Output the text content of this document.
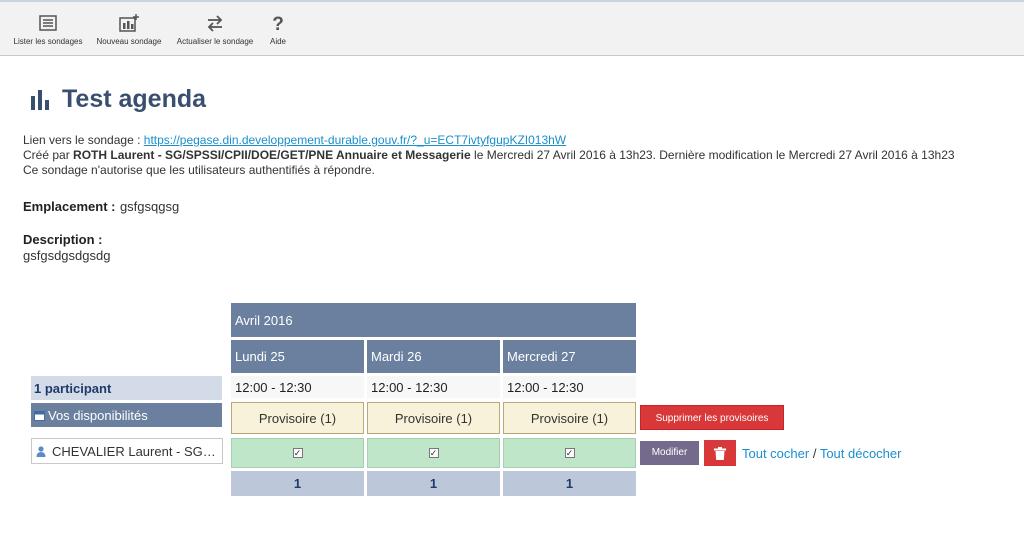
Lister les sondages	Nouveau sondage	Actualiser le sondage
?
Aide
Test agenda
Lien vers le sondage : https://pegase.din.developpement-durable.gouv.fr/?_u=ECT7ivtyfgupKZI013hW
Créé par ROTH Laurent - SG/SPSSI/CPII/DOE/GET/PNE Annuaire et Messagerie le Mercredi 27 Avril 2016 à 13h23. Dernière modification le Mercredi 27 Avril 2016 à 13h23
Ce sondage n'autorise que les utilisateurs authentifiés à répondre.
Emplacement : gsfgsqgsg
Description :
gsfgsdgsdgsdg
Avril 2016
Lundi 25	Mardi 26	Mercredi 27
1 participant	12:00 - 12:30	12:00 - 12:30	12:00 - 12:30
Vos disponibilités	Provisoire (1)	Provisoire (1)	Provisoire (1)	Supprimer les provisoires
CHEVALIER Laurent - SG…	✓	✓	✓	Modifier	Tout cocher / Tout décocher
1	1	1
